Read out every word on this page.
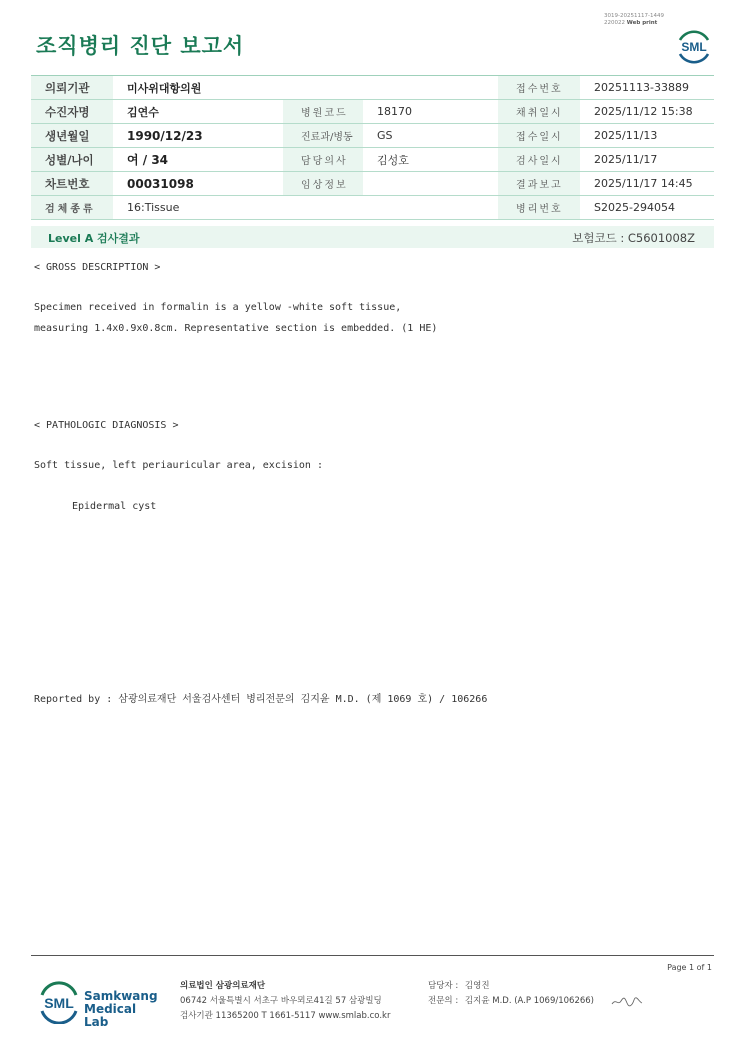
조직병리 진단 보고서
3019-20251117-1449
220022 Web print
SML
의뢰기관	미사위대항의원			접수번호	20251113-33889
수진자명	김연수	병원코드	18170	채취일시	2025/11/12 15:38
생년월일	1990/12/23	진료과/병동	GS	접수일시	2025/11/13
성별/나이	여 / 34	담당의사	김성호	검사일시	2025/11/17
차트번호	00031098	임상정보		결과보고	2025/11/17 14:45
검체종류	16:Tissue			병리번호	S2025-294054
Level A 검사결과	보험코드 : C5601008Z
< GROSS DESCRIPTION >
Specimen received in formalin is a yellow -white soft tissue,
measuring 1.4x0.9x0.8cm. Representative section is embedded. (1 HE)
< PATHOLOGIC DIAGNOSIS >
Soft tissue, left periauricular area, excision :
Epidermal cyst
Reported by : 삼광의료재단 서울검사센터 병리전문의 김지윤 M.D. (제 1069 호) / 106266
Page 1 of 1
SML Samkwang
Medical Lab
의료법인 삼광의료재단
06742 서울특별시 서초구 바우뫼로41길 57 삼광빌딩
검사기관 11365200 T 1661-5117 www.smlab.co.kr
담당자 : 김영진
전문의 : 김지윤 M.D. (A.P 1069/106266)
